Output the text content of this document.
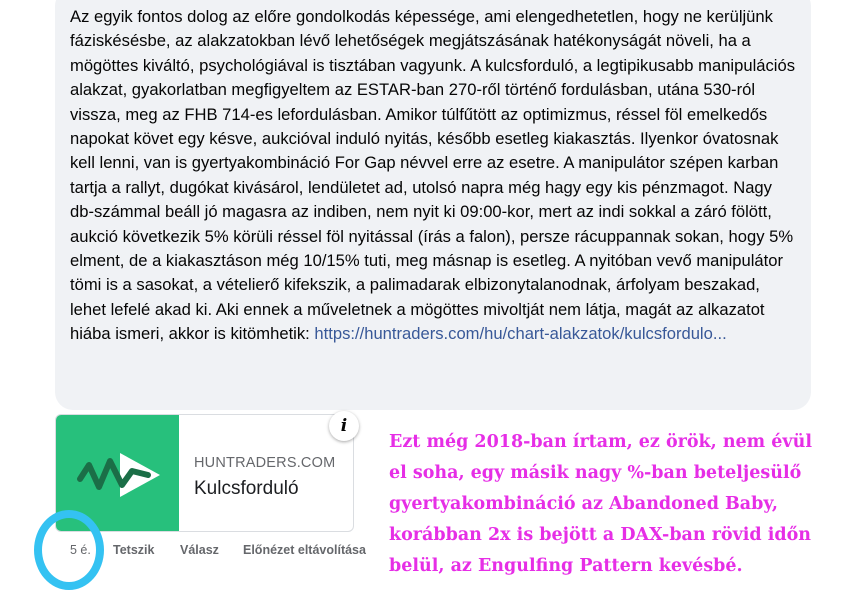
Az egyik fontos dolog az előre gondolkodás képessége, ami elengedhetetlen, hogy ne kerüljünk fáziskésésbe, az alakzatokban lévő lehetőségek megjátszásának hatékonyságát növeli, ha a mögöttes kiváltó, psychológiával is tisztában vagyunk. A kulcsforduló, a legtipikusabb manipulációs alakzat, gyakorlatban megfigyeltem az ESTAR-ban 270-ről történő fordulásban, utána 530-ról vissza, meg az FHB 714-es lefordulásban. Amikor túlfűtött az optimizmus, réssel föl emelkedős napokat követ egy késve, aukcióval induló nyitás, később esetleg kiakasztás. Ilyenkor óvatosnak kell lenni, van is gyertyakombináció For Gap névvel erre az esetre. A manipulátor szépen karban tartja a rallyt, dugókat kivásárol, lendületet ad, utolsó napra még hagy egy kis pénzmagot. Nagy db-számmal beáll jó magasra az indiben, nem nyit ki 09:00-kor, mert az indi sokkal a záró fölött, aukció következik 5% körüli réssel föl nyitással (írás a falon), persze rácuppannak sokan, hogy 5% elment, de a kiakasztáson még 10/15% tuti, meg másnap is esetleg. A nyitóban vevő manipulátor tömi is a sasokat, a vételierő kifekszik, a palimadarak elbizonytalanodnak, árfolyam beszakad, lehet lefelé akad ki. Aki ennek a műveletnek a mögöttes mivoltját nem látja, magát az alkazatot hiába ismeri, akkor is kitömhetik: https://huntraders.com/hu/chart-alakzatok/kulcsfordulo...
HUNTRADERS.COM
Kulcsforduló
i
5 é. Tetszik Válasz Előnézet eltávolítása
Ezt még 2018-ban írtam, ez örök, nem évül el soha, egy másik nagy %-ban beteljesülő gyertyakombináció az Abandoned Baby, korábban 2x is bejött a DAX-ban rövid időn belül, az Engulfing Pattern kevésbé.
